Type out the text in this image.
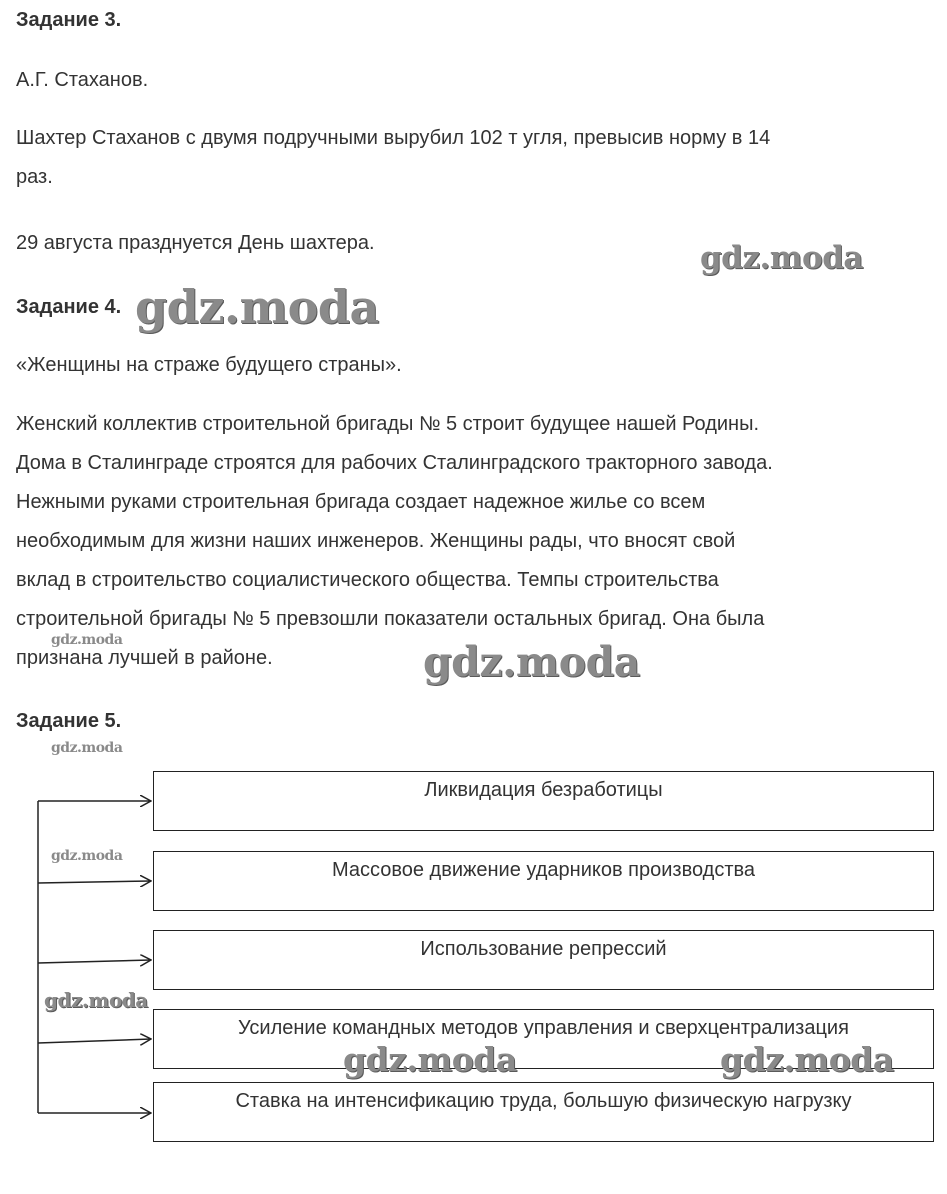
Задание 3.
А.Г. Стаханов.
Шахтер Стаханов с двумя подручными вырубил 102 т угля, превысив норму в 14
раз.
29 августа празднуется День шахтера.
Задание 4.
«Женщины на страже будущего страны».
Женский коллектив строительной бригады № 5 строит будущее нашей Родины.
Дома в Сталинграде строятся для рабочих Сталинградского тракторного завода.
Нежными руками строительная бригада создает надежное жилье со всем
необходимым для жизни наших инженеров. Женщины рады, что вносят свой
вклад в строительство социалистического общества. Темпы строительства
строительной бригады № 5 превзошли показатели остальных бригад. Она была
признана лучшей в районе.
Задание 5.
Ликвидация безработицы
Массовое движение ударников производства
Использование репрессий
Усиление командных методов управления и сверхцентрализация
Ставка на интенсификацию труда, большую физическую нагрузку
gdz.moda
gdz.moda
gdz.moda	gdz.moda
gdz.moda
gdz.moda
gdz.moda
gdz.moda	gdz.moda
